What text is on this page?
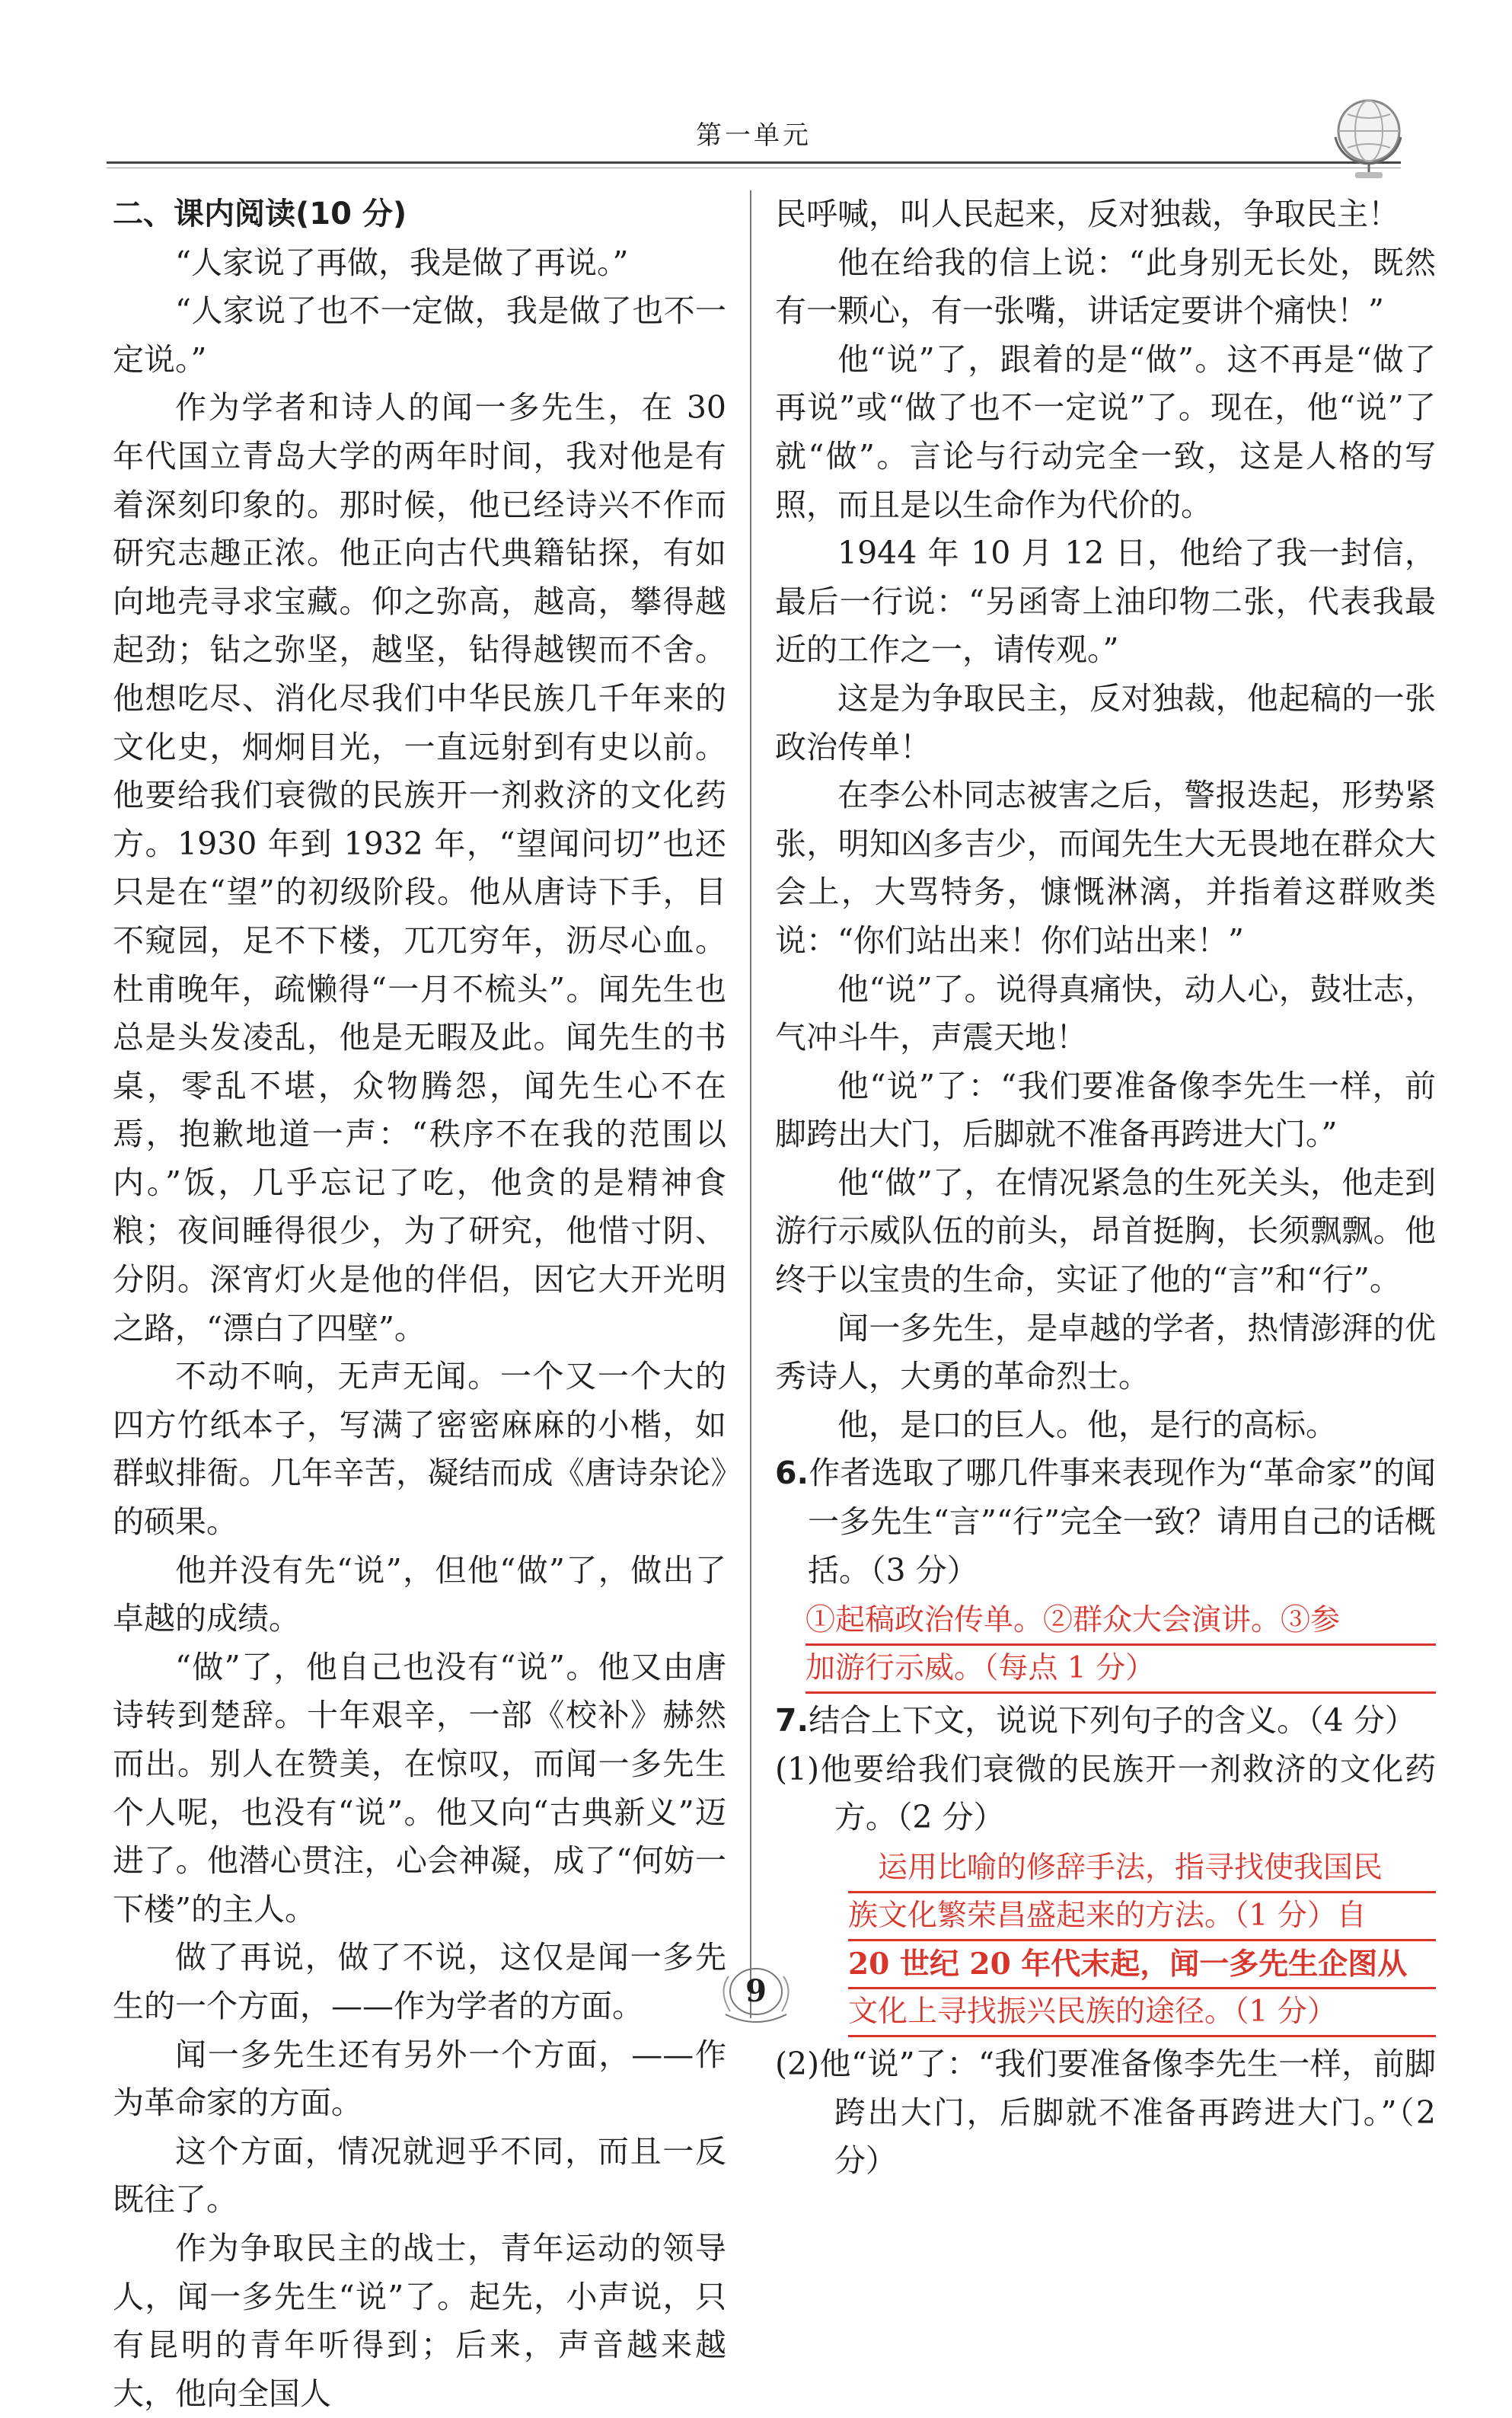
第一单元

二、课内阅读(10 分)

“人家说了再做，我是做了再说。”

“人家说了也不一定做，我是做了也不一定说。”

作为学者和诗人的闻一多先生，在 30 年代国立青岛大学的两年时间，我对他是有着深刻印象的。那时候，他已经诗兴不作而研究志趣正浓。他正向古代典籍钻探，有如向地壳寻求宝藏。仰之弥高，越高，攀得越起劲；钻之弥坚，越坚，钻得越锲而不舍。他想吃尽、消化尽我们中华民族几千年来的文化史，炯炯目光，一直远射到有史以前。他要给我们衰微的民族开一剂救济的文化药方。1930 年到 1932 年，“望闻问切”也还只是在“望”的初级阶段。他从唐诗下手，目不窥园，足不下楼，兀兀穷年，沥尽心血。杜甫晚年，疏懒得“一月不梳头”。闻先生也总是头发凌乱，他是无暇及此。闻先生的书桌，零乱不堪，众物腾怨，闻先生心不在焉，抱歉地道一声：“秩序不在我的范围以内。”饭，几乎忘记了吃，他贪的是精神食粮；夜间睡得很少，为了研究，他惜寸阴、分阴。深宵灯火是他的伴侣，因它大开光明之路，“漂白了四壁”。

不动不响，无声无闻。一个又一个大的四方竹纸本子，写满了密密麻麻的小楷，如群蚁排衙。几年辛苦，凝结而成《唐诗杂论》的硕果。

他并没有先“说”，但他“做”了，做出了卓越的成绩。

“做”了，他自己也没有“说”。他又由唐诗转到楚辞。十年艰辛，一部《校补》赫然而出。别人在赞美，在惊叹，而闻一多先生个人呢，也没有“说”。他又向“古典新义”迈进了。他潜心贯注，心会神凝，成了“何妨一下楼”的主人。

做了再说，做了不说，这仅是闻一多先生的一个方面，——作为学者的方面。

闻一多先生还有另外一个方面，——作为革命家的方面。

这个方面，情况就迥乎不同，而且一反既往了。

作为争取民主的战士，青年运动的领导人，闻一多先生“说”了。起先，小声说，只有昆明的青年听得到；后来，声音越来越大，他向全国人

民呼喊，叫人民起来，反对独裁，争取民主！

他在给我的信上说：“此身别无长处，既然有一颗心，有一张嘴，讲话定要讲个痛快！”

他“说”了，跟着的是“做”。这不再是“做了再说”或“做了也不一定说”了。现在，他“说”了就“做”。言论与行动完全一致，这是人格的写照，而且是以生命作为代价的。

1944 年 10 月 12 日，他给了我一封信，最后一行说：“另函寄上油印物二张，代表我最近的工作之一，请传观。”

这是为争取民主，反对独裁，他起稿的一张政治传单！

在李公朴同志被害之后，警报迭起，形势紧张，明知凶多吉少，而闻先生大无畏地在群众大会上，大骂特务，慷慨淋漓，并指着这群败类说：“你们站出来！你们站出来！”

他“说”了。说得真痛快，动人心，鼓壮志，气冲斗牛，声震天地！

他“说”了：“我们要准备像李先生一样，前脚跨出大门，后脚就不准备再跨进大门。”

他“做”了，在情况紧急的生死关头，他走到游行示威队伍的前头，昂首挺胸，长须飘飘。他终于以宝贵的生命，实证了他的“言”和“行”。

闻一多先生，是卓越的学者，热情澎湃的优秀诗人，大勇的革命烈士。

他，是口的巨人。他，是行的高标。

6.作者选取了哪几件事来表现作为“革命家”的闻一多先生“言”“行”完全一致？请用自己的话概括。（3 分）

①起稿政治传单。②群众大会演讲。③参
加游行示威。（每点 1 分）

7.结合上下文，说说下列句子的含义。（4 分）

(1)他要给我们衰微的民族开一剂救济的文化药方。（2 分）

运用比喻的修辞手法，指寻找使我国民
族文化繁荣昌盛起来的方法。（1 分）自
20 世纪 20 年代末起，闻一多先生企图从
文化上寻找振兴民族的途径。（1 分）

(2)他“说”了：“我们要准备像李先生一样，前脚跨出大门，后脚就不准备再跨进大门。”（2 分）

9
